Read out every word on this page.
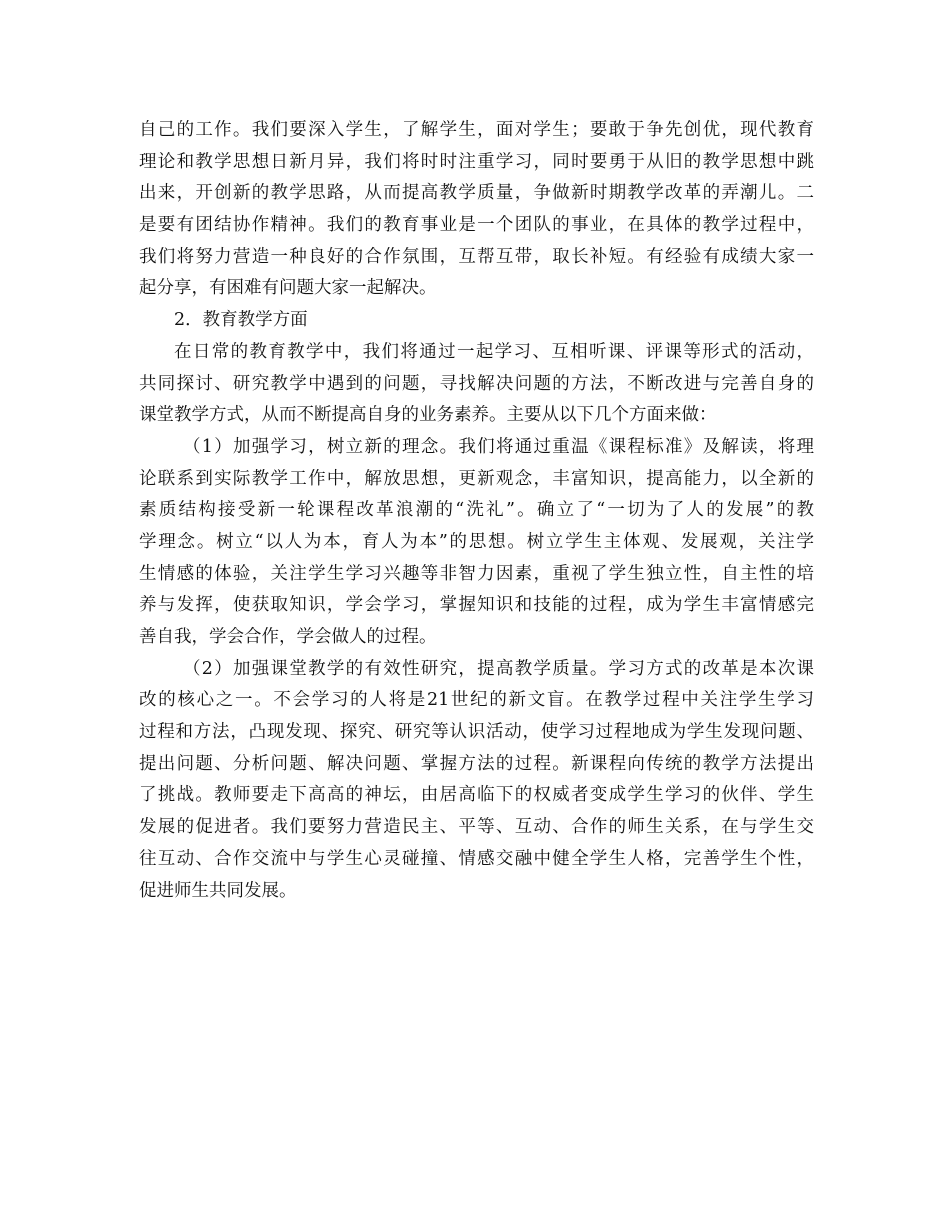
自己的工作。我们要深入学生，了解学生，面对学生；要敢于争先创优，现代教育
理论和教学思想日新月异，我们将时时注重学习，同时要勇于从旧的教学思想中跳
出来，开创新的教学思路，从而提高教学质量，争做新时期教学改革的弄潮儿。二
是要有团结协作精神。我们的教育事业是一个团队的事业，在具体的教学过程中，
我们将努力营造一种良好的合作氛围，互帮互带，取长补短。有经验有成绩大家一
起分享，有困难有问题大家一起解决。
2．教育教学方面
在日常的教育教学中，我们将通过一起学习、互相听课、评课等形式的活动，
共同探讨、研究教学中遇到的问题，寻找解决问题的方法，不断改进与完善自身的
课堂教学方式，从而不断提高自身的业务素养。主要从以下几个方面来做：
（1）加强学习，树立新的理念。我们将通过重温《课程标准》及解读，将理
论联系到实际教学工作中，解放思想，更新观念，丰富知识，提高能力，以全新的
素质结构接受新一轮课程改革浪潮的“洗礼”。确立了“一切为了人的发展”的教
学理念。树立“以人为本，育人为本”的思想。树立学生主体观、发展观，关注学
生情感的体验，关注学生学习兴趣等非智力因素，重视了学生独立性，自主性的培
养与发挥，使获取知识，学会学习，掌握知识和技能的过程，成为学生丰富情感完
善自我，学会合作，学会做人的过程。
（2）加强课堂教学的有效性研究，提高教学质量。学习方式的改革是本次课
改的核心之一。不会学习的人将是21世纪的新文盲。在教学过程中关注学生学习
过程和方法，凸现发现、探究、研究等认识活动，使学习过程地成为学生发现问题、
提出问题、分析问题、解决问题、掌握方法的过程。新课程向传统的教学方法提出
了挑战。教师要走下高高的神坛，由居高临下的权威者变成学生学习的伙伴、学生
发展的促进者。我们要努力营造民主、平等、互动、合作的师生关系，在与学生交
往互动、合作交流中与学生心灵碰撞、情感交融中健全学生人格，完善学生个性，
促进师生共同发展。
